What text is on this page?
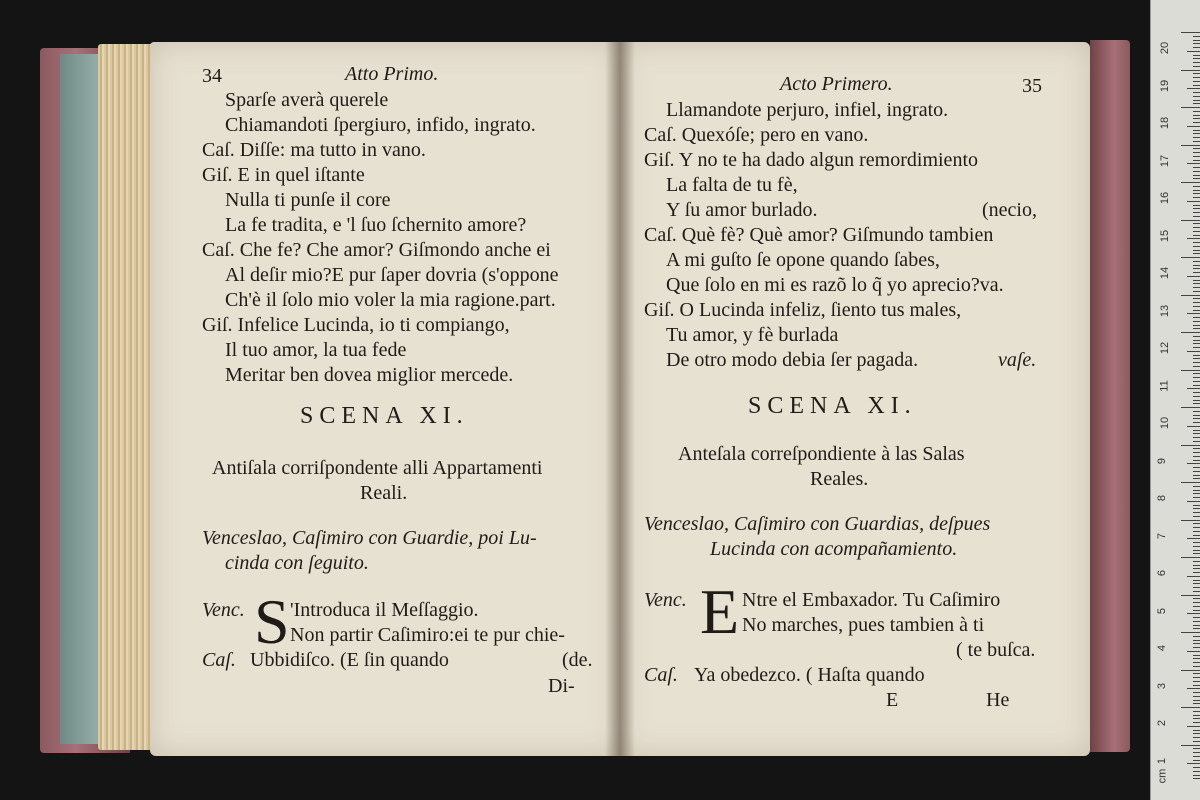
34	Atto Primo.
Sparſe averà querele
Chiamandoti ſpergiuro, infido, ingrato.
Caſ. Diſſe: ma tutto in vano.
Giſ. E in quel iſtante
Nulla ti punſe il core
La fe tradita, e 'l ſuo ſchernito amore?
Caſ. Che fe? Che amor? Giſmondo anche ei
Al deſir mio?E pur ſaper dovria (s'oppone
Ch'è il ſolo mio voler la mia ragione.part.
Giſ. Infelice Lucinda, io ti compiango,
Il tuo amor, la tua fede
Meritar ben dovea miglior mercede.
SCENA XI.
Antiſala corriſpondente alli Appartamenti
Reali.
Venceslao, Caſimiro con Guardie, poi Lu-
cinda con ſeguito.
Venc. S 'Introduca il Meſſaggio.
Non partir Caſimiro:ei te pur chie-
Caſ. Ubbidiſco. (E ſin quando	(de.
Di-
Acto Primero.	35
Llamandote perjuro, infiel, ingrato.
Caſ. Quexóſe; pero en vano.
Giſ. Y no te ha dado algun remordimiento
La falta de tu fè,
Y ſu amor burlado.	(necio,
Caſ. Què fè? Què amor? Giſmundo tambien
A mi guſto ſe opone quando ſabes,
Que ſolo en mi es razõ lo q̃ yo aprecio?va.
Giſ. O Lucinda infeliz, ſiento tus males,
Tu amor, y fè burlada
De otro modo debia ſer pagada.	vaſe.
SCENA XI.
Anteſala correſpondiente à las Salas
Reales.
Venceslao, Caſimiro con Guardias, deſpues
Lucinda con acompañamiento.
Venc. E Ntre el Embaxador. Tu Caſimiro
No marches, pues tambien à ti
( te buſca.
Caſ. Ya obedezco. ( Haſta quando
E	He
cm
20
19
18
17
16
15
14
13
12
11
10
9
8
7
6
5
4
3
2
1
